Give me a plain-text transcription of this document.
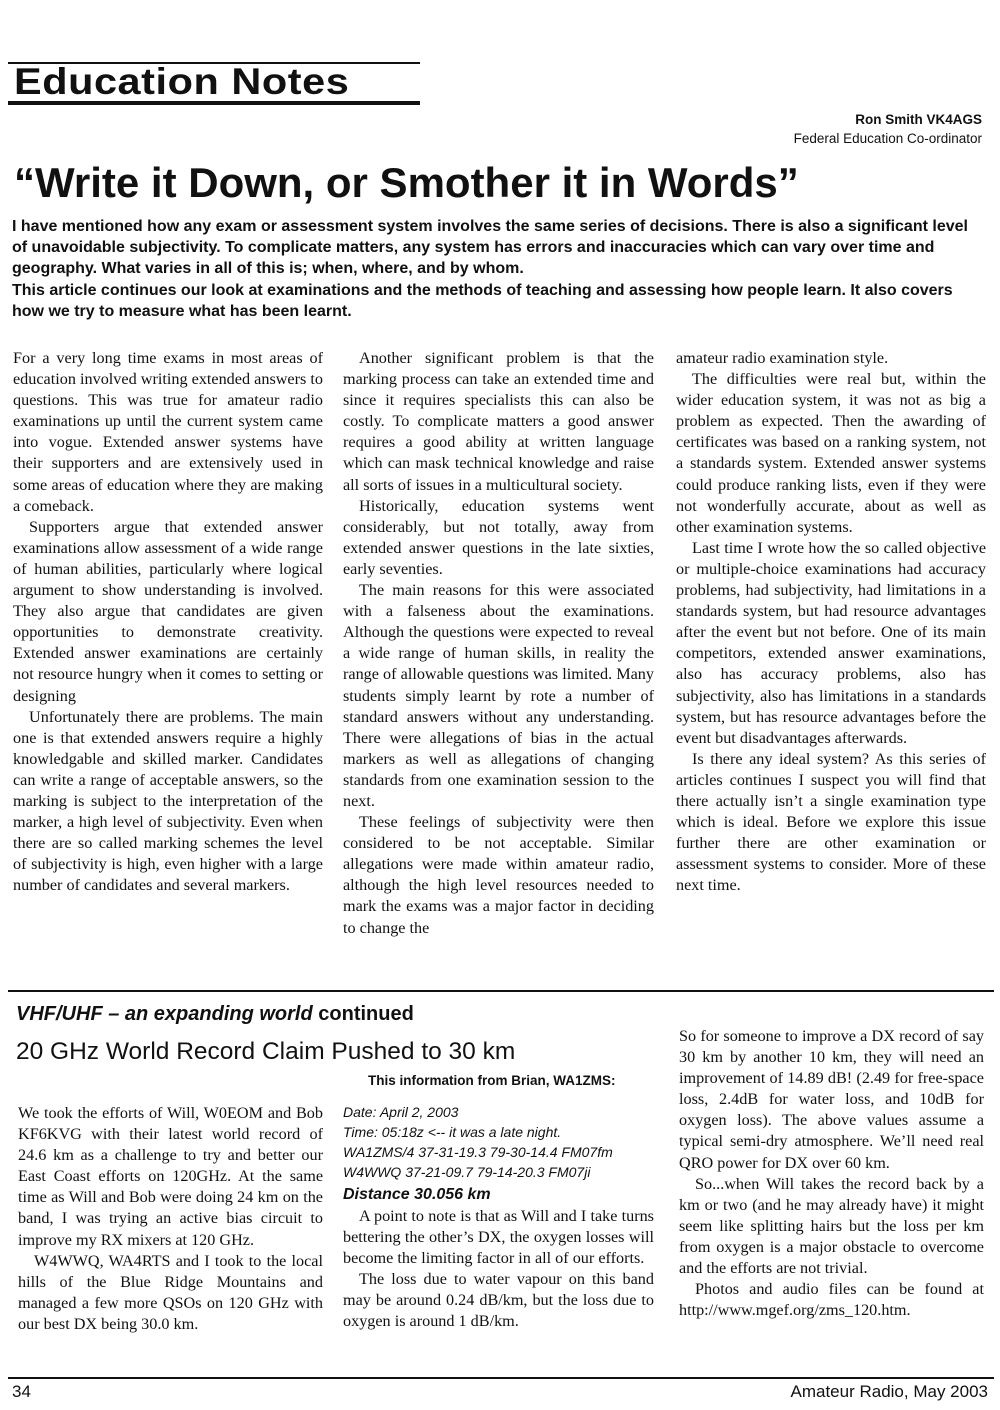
Education Notes
Ron Smith VK4AGS
Federal Education Co-ordinator
“Write it Down, or Smother it in Words”

I have mentioned how any exam or assessment system involves the same series of decisions. There is also a significant level of unavoidable subjectivity. To complicate matters, any system has errors and inaccuracies which can vary over time and geography. What varies in all of this is; when, where, and by whom.

This article continues our look at examinations and the methods of teaching and assessing how people learn. It also covers how we try to measure what has been learnt.

For a very long time exams in most areas of education involved writing extended answers to questions. This was true for amateur radio examinations up until the current system came into vogue. Extended answer systems have their supporters and are extensively used in some areas of education where they are making a comeback.

Supporters argue that extended answer examinations allow assessment of a wide range of human abilities, particularly where logical argument to show understanding is involved. They also argue that candidates are given opportunities to demonstrate creativity. Extended answer examinations are certainly not resource hungry when it comes to setting or designing

Unfortunately there are problems. The main one is that extended answers require a highly knowledgable and skilled marker. Candidates can write a range of acceptable answers, so the marking is subject to the interpretation of the marker, a high level of subjectivity. Even when there are so called marking schemes the level of subjectivity is high, even higher with a large number of candidates and several markers.

Another significant problem is that the marking process can take an extended time and since it requires specialists this can also be costly. To complicate matters a good answer requires a good ability at written language which can mask technical knowledge and raise all sorts of issues in a multicultural society.

Historically, education systems went considerably, but not totally, away from extended answer questions in the late sixties, early seventies.

The main reasons for this were associated with a falseness about the examinations. Although the questions were expected to reveal a wide range of human skills, in reality the range of allowable questions was limited. Many students simply learnt by rote a number of standard answers without any understanding. There were allegations of bias in the actual markers as well as allegations of changing standards from one examination session to the next.

These feelings of subjectivity were then considered to be not acceptable. Similar allegations were made within amateur radio, although the high level resources needed to mark the exams was a major factor in deciding to change the

amateur radio examination style.

The difficulties were real but, within the wider education system, it was not as big a problem as expected. Then the awarding of certificates was based on a ranking system, not a standards system. Extended answer systems could produce ranking lists, even if they were not wonderfully accurate, about as well as other examination systems.

Last time I wrote how the so called objective or multiple-choice examinations had accuracy problems, had subjectivity, had limitations in a standards system, but had resource advantages after the event but not before. One of its main competitors, extended answer examinations, also has accuracy problems, also has subjectivity, also has limitations in a standards system, but has resource advantages before the event but disadvantages afterwards.

Is there any ideal system? As this series of articles continues I suspect you will find that there actually isn’t a single examination type which is ideal. Before we explore this issue further there are other examination or assessment systems to consider. More of these next time.

VHF/UHF – an expanding world continued
20 GHz World Record Claim Pushed to 30 km
This information from Brian, WA1ZMS:

We took the efforts of Will, W0EOM and Bob KF6KVG with their latest world record of 24.6 km as a challenge to try and better our East Coast efforts on 120GHz. At the same time as Will and Bob were doing 24 km on the band, I was trying an active bias circuit to improve my RX mixers at 120 GHz.

W4WWQ, WA4RTS and I took to the local hills of the Blue Ridge Mountains and managed a few more QSOs on 120 GHz with our best DX being 30.0 km.

Date: April 2, 2003
Time: 05:18z <-- it was a late night.
WA1ZMS/4 37-31-19.3 79-30-14.4 FM07fm
W4WWQ 37-21-09.7 79-14-20.3 FM07ji
Distance 30.056 km

A point to note is that as Will and I take turns bettering the other’s DX, the oxygen losses will become the limiting factor in all of our efforts.

The loss due to water vapour on this band may be around 0.24 dB/km, but the loss due to oxygen is around 1 dB/km.

So for someone to improve a DX record of say 30 km by another 10 km, they will need an improvement of 14.89 dB! (2.49 for free-space loss, 2.4dB for water loss, and 10dB for oxygen loss). The above values assume a typical semi-dry atmosphere. We’ll need real QRO power for DX over 60 km.

So...when Will takes the record back by a km or two (and he may already have) it might seem like splitting hairs but the loss per km from oxygen is a major obstacle to overcome and the efforts are not trivial.

Photos and audio files can be found at http://www.mgef.org/zms_120.htm.

34	Amateur Radio, May 2003
